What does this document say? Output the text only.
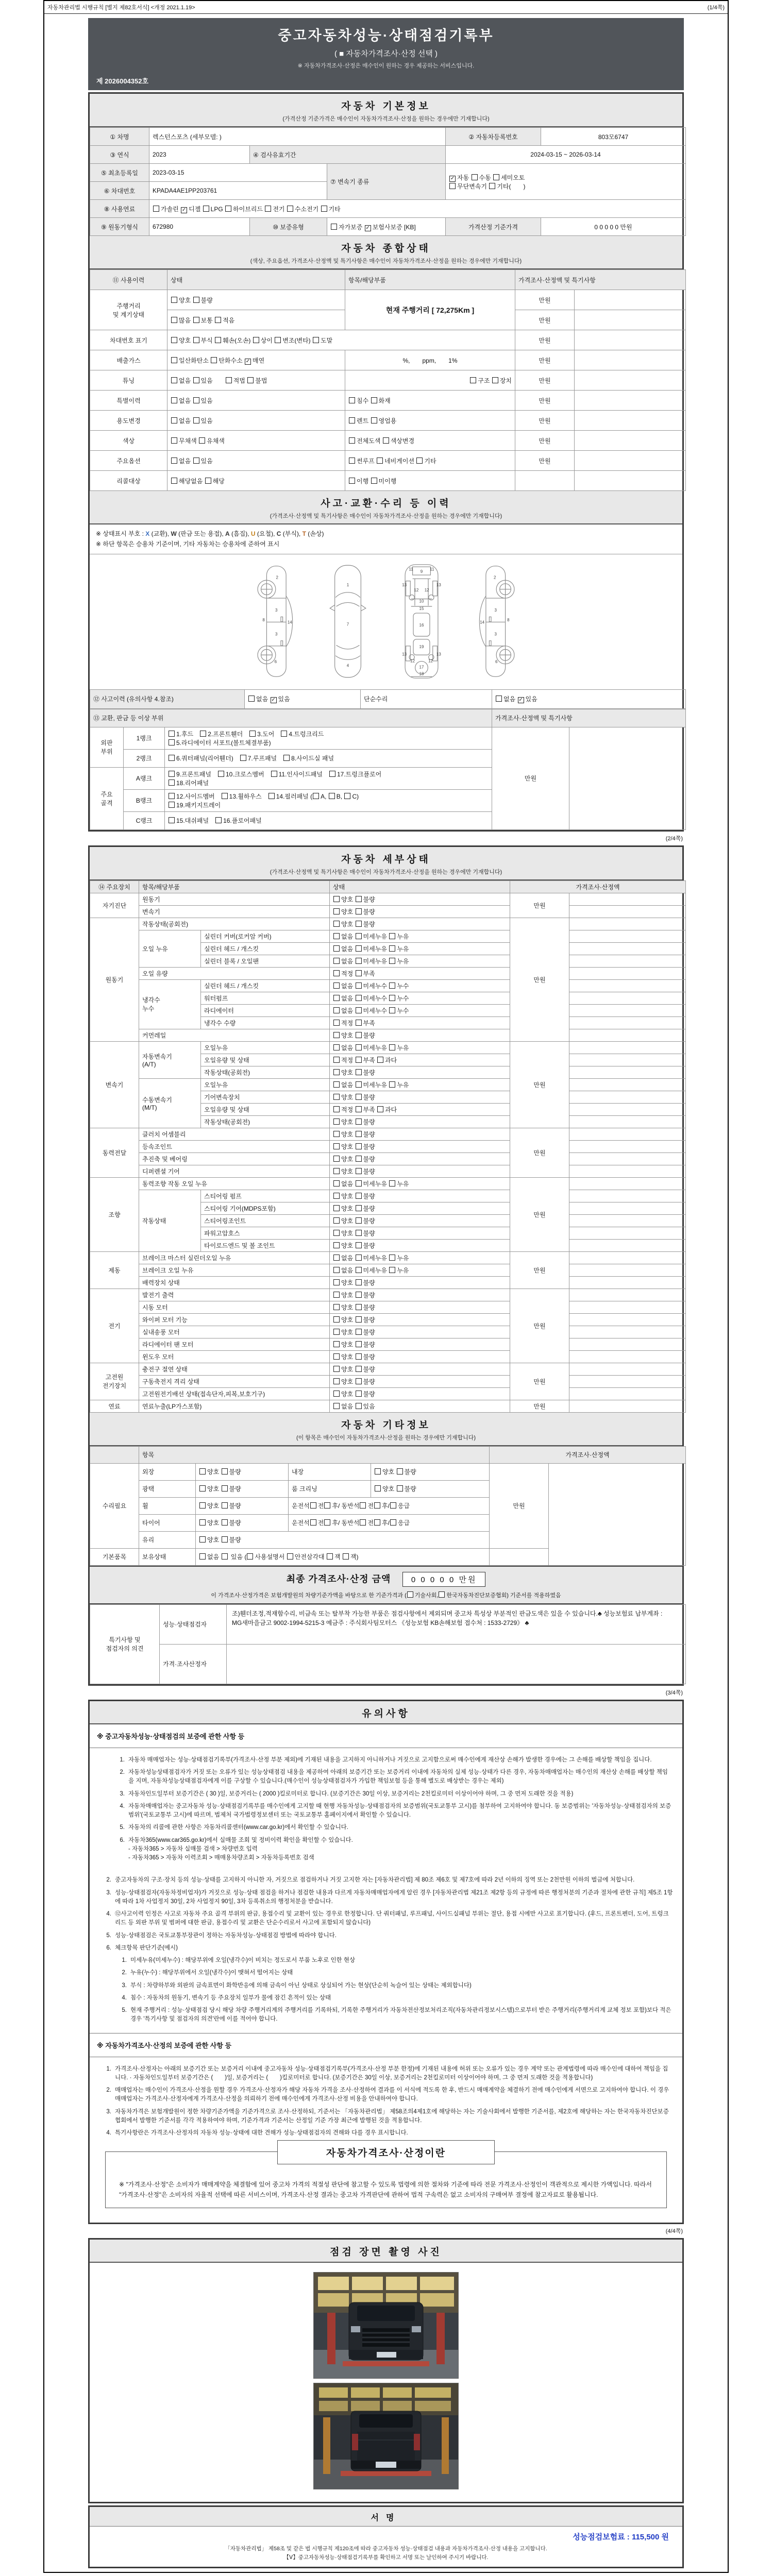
자동차관리법 시행규칙 [별지 제82호서식] <개정 2021.1.19>	(1/4쪽)
중고자동차성능·상태점검기록부
( ■ 자동차가격조사·산정 선택 )
※ 자동차가격조사·산정은 매수인이 원하는 경우 제공하는 서비스입니다.
제 2026004352호
자동차 기본정보
(가격산정 기준가격은 매수인이 자동차가격조사·산정을 원하는 경우에만 기재합니다)
① 차명	렉스턴스포츠 (세부모델: )			② 자동차등록번호	803모6747
③ 연식	2023	④ 검사유효기간		2024-03-15 ~ 2026-03-14	
⑤ 최초등록일	2023-03-15		⑦ 변속기 종류	✓ 자동 수동 세미오토
무단변속기 기타(　　)	
⑥ 차대번호	KPADA4AE1PP203761				
⑧ 사용연료	가솔린 ✓ 디젤 LPG 하이브리드 전기 수소전기 기타				
⑨ 원동기형식	672980	⑩ 보증유형	자가보증 ✓ 보험사보증 [KB]	가격산정 기준가격	0 0 0 0 0 만원
자동차 종합상태
(색상, 주요옵션, 가격조사·산정액 및 특기사항은 매수인이 자동차가격조사·산정을 원하는 경우에만 기재합니다)
⑪ 사용이력	상태	항목/해당부품	가격조사·산정액 및 특기사항	
주행거리
및 계기상태	양호 불량	현재 주행거리 [ 72,275Km ]	만원	
	많음 보통 적음		만원	
차대번호 표기	양호 부식 훼손(오손) 상이 변조(변타) 도말		만원	
배출가스	일산화탄소 탄화수소 ✓ 매연	%,　　ppm,　　1%	만원	
튜닝	없음 있음　　적법 불법	구조 장치	만원	
특별이력	없음 있음	침수 화재	만원	
용도변경	없음 있음	렌트 영업용	만원	
색상	무채색 유채색	전체도색 색상변경	만원	
주요옵션	없음 있음	썬루프 네비게이션 기타	만원	
리콜대상	해당없음 해당	이행 미이행		
사고·교환·수리 등 이력
(가격조사·산정액 및 특기사항은 매수인이 자동차가격조사·산정을 원하는 경우에만 기재합니다)
※ 상태표시 부호 : X (교환), W (판금 또는 용접), A (흠집), U (요철), C (부식), T (손상)
※ 하단 항목은 승용차 기준이며, 기타 자동차는 승용차에 준하여 표시
2
8
3
14
3
6
1
7
4
11 9 11
13
12 12
13
10
15
16
13
19
13
12
17
12
18
2
8
3
14
3
6
⑫ 사고이력 (유의사항 4.참조)	없음 ✓ 있음	단순수리	없음 ✓ 있음
⑬ 교환, 판금 등 이상 부위			가격조사·산정액 및 특기사항	
외판
부위	1랭크	1.후드　2.프론트휀더　3.도어　4.트렁크리드
5.라디에이터 서포트(볼트체결부품)	만원	
	2랭크	6.쿼터패널(리어휀더)　7.루프패널　8.사이드실 패널		
주요
골격	A랭크	9.프론트패널　10.크로스멤버　11.인사이드패널　17.트렁크플로어
18.리어패널		
	B랭크	12.사이드멤버　13.휠하우스　14.필러패널 ( A, B, C)
19.패키지트레이		
	C랭크	15.대쉬패널　16.플로어패널		
(2/4쪽)
자동차 세부상태
(가격조사·산정액 및 특기사항은 매수인이 자동차가격조사·산정을 원하는 경우에만 기재합니다)
⑭ 주요장치	항목/해당부품		상태	가격조사·산정액	
자기진단	원동기		양호 불량	만원	
	변속기		양호 불량		
원동기	작동상태(공회전)		양호 불량	만원	
	오일 누유	실린더 커버(로커암 커버)	없음 미세누유 누유		
		실린더 헤드 / 개스킷	없음 미세누유 누유		
		실린더 블록 / 오일팬	없음 미세누유 누유		
	오일 유량		적정 부족		
	냉각수
누수	실린더 헤드 / 개스킷	없음 미세누수 누수		
		워터펌프	없음 미세누수 누수		
		라디에이터	없음 미세누수 누수		
		냉각수 수량	적정 부족		
	커먼레일		양호 불량		
변속기	자동변속기
(A/T)	오일누유	없음 미세누유 누유	만원	
		오일유량 및 상태	적정 부족 과다		
		작동상태(공회전)	양호 불량		
	수동변속기
(M/T)	오일누유	없음 미세누유 누유		
		기어변속장치	양호 불량		
		오일유량 및 상태	적정 부족 과다		
		작동상태(공회전)	양호 불량		
동력전달	클러치 어셈블리		양호 불량	만원	
	등속조인트		양호 불량		
	추진축 및 베어링		양호 불량		
	디퍼렌셜 기어		양호 불량		
조향	동력조향 작동 오일 누유		없음 미세누유 누유	만원	
	작동상태	스티어링 펌프	양호 불량		
		스티어링 기어(MDPS포함)	양호 불량		
		스티어링조인트	양호 불량		
		파워고압호스	양호 불량		
		타이로드엔드 및 볼 조인트	양호 불량		
제동	브레이크 마스터 실린더오일 누유		없음 미세누유 누유	만원	
	브레이크 오일 누유		없음 미세누유 누유		
	배력장치 상태		양호 불량		
전기	발전기 출력		양호 불량	만원	
	시동 모터		양호 불량		
	와이퍼 모터 기능		양호 불량		
	실내송풍 모터		양호 불량		
	라디에이터 팬 모터		양호 불량		
	윈도우 모터		양호 불량		
고전원
전기장치	충전구 절연 상태		양호 불량	만원	
	구동축전지 격리 상태		양호 불량		
	고전원전기배선 상태(접속단자,피복,보호기구)		양호 불량		
연료	연료누출(LP가스포함)		없음 있음	만원	
자동차 기타정보
(이 항목은 매수인이 자동차가격조사·산정을 원하는 경우에만 기재합니다)
	항목				가격조사·산정액	
수리필요	외장	양호 불량	내장	양호 불량	만원	
	광택	양호 불량	룸 크리닝	양호 불량		
	휠	양호 불량	운전석 전 후/ 동반석 전 후/ 응급			
	타이어	양호 불량	운전석 전 후/ 동반석 전 후/ 응급			
	유리	양호 불량				
기본품목	보유상태	없음  있음 ( 사용설명서 안전삼각대 잭 잭)				
최종 가격조사·산정 금액	0 0 0 0 0 만원
이 가격조사·산정가격은 보험개발원의 차량기준가액을 바탕으로 한 기준가격과 ( 기술사회, 한국자동차진단보증협회) 기준서를 적용하였음
특기사항 및
점검자의 의견	성능·상태점검자	조)휀더조정,적재함수리, 비금속 또는 탈부착 가능한 부품은 점검사항에서 제외되며 중고차 특성상 부분적인 판금도색은 있을 수 있습니다.♣ 성능보험료 납부계좌 : MG새마을금고 9002-1994-5215-3 예금주 : 주식회사팀모터스 《성능보험 KB손해보험 접수처 : 1533-2729》 ♣
	가격·조사산정자	
(3/4쪽)
유의사항
※ 중고자동차성능·상태점검의 보증에 관한 사항 등
1. 자동차 매매업자는 성능·상태점검기록부(가격조사·산정 부분 제외)에 기재된 내용을 고지하지 아니하거나 거짓으로 고지함으로써 매수인에게 재산상 손해가 발생한 경우에는 그 손해를 배상할 책임을 집니다.
2. 자동차성능상태점검자가 거짓 또는 오류가 있는 성능상태점검 내용을 제공하여 아래의 보증기간 또는 보증거리 이내에 자동차의 실제 성능·상태가 다른 경우, 자동차매매업자는 매수인의 재산상 손해를 배상할 책임을 지며, 자동차성능상태점검자에게 이를 구상할 수 있습니다.(매수인이 성능상태점검자가 가입한 책임보험 등을 통해 별도로 배상받는 경우는 제외)
3. 자동차인도일부터 보증기간은 ( 30 )일, 보증거리는 ( 2000 )킬로미터로 합니다. (보증기간은 30일 이상, 보증거리는 2천킬로미터 이상이어야 하며, 그 중 먼저 도래한 것을 적용)
4. 자동차매매업자는 중고자동차 성능·상태점검기록부를 매수인에게 고지할 때 현행 자동차성능·상태점검자의 보증범위(국토교통부 고시)를 첨부하여 고지하여야 합니다. 동 보증범위는 '자동차성능·상태점검자의 보증범위'(국토교통부 고시)에 따르며, 법제처 국가법령정보센터 또는 국토교통부 홈페이지에서 확인할 수 있습니다.
5. 자동차의 리콜에 관한 사항은 자동차리콜센터(www.car.go.kr)에서 확인할 수 있습니다.
6. 자동차365(www.car365.go.kr)에서 실매물 조회 및 정비이력 확인을 확인할 수 있습니다.
- 자동차365 > 자동차 실매물 검색 > 차량번호 입력
- 자동차365 > 자동차 이력조회 > 매매용차량조회 > 자동차등록번호 검색
2. 중고자동차의 구조·장치 등의 성능·상태를 고지하지 아니한 자, 거짓으로 점검하거나 거짓 고지한 자는 [자동차관리법] 제 80조 제6호 및 제7호에 따라 2년 이하의 징역 또는 2천만원 이하의 벌금에 처합니다.
3. 성능·상태점검자(자동차정비업자)가 거짓으로 성능·상태 점검을 하거나 점검한 내용과 다르게 자동차매매업자에게 알린 경우 [자동차관리법 제21조 제2항 등의 규정에 따른 행정처분의 기준과 절차에 관한 규칙] 제5조 1항에 따라 1차 사업정지 30일, 2차 사업정지 90일, 3차 등록취소의 행정처분을 받습니다.
4. ⑫사고이력 인정은 사고로 자동차 주요 골격 부위의 판금, 용접수리 및 교환이 있는 경우로 한정합니다. 단 쿼터패널, 루프패널, 사이드실패널 부위는 절단, 용접 시에만 사고로 표기합니다. (후드, 프론트펜더, 도어, 트렁크리드 등 외판 부위 및 범퍼에 대한 판금, 용접수리 및 교환은 단순수리로서 사고에 포함되지 않습니다)
5. 성능·상태점검은 국토교통부장관이 정하는 자동차성능·상태점검 방법에 따라야 합니다.
6. 체크항목 판단기준(예시)
1. 미세누유(미세누수) : 해당부위에 오일(냉각수)이 비치는 정도로서 부품 노후로 인한 현상
2. 누유(누수) : 해당부위에서 오일(냉각수)이 맺혀서 떨어지는 상태
3. 부식 : 차량하부와 외판의 금속표면이 화학반응에 의해 금속이 아닌 상태로 상실되어 가는 현상(단순히 녹슬어 있는 상태는 제외합니다)
4. 침수 : 자동차의 원동기, 변속기 등 주요장치 일부가 물에 잠긴 흔적이 있는 상태
5. 현재 주행거리 : 성능·상태점검 당시 해당 차량 주행거리계의 주행거리를 기록하되, 기록한 주행거리가 자동차전산정보처리조직(자동차관리정보시스템)으로부터 받은 주행거리(주행거리계 교체 정보 포함)보다 적은 경우 '특기사항 및 점검자의 의견'란에 이를 적어야 합니다.
※ 자동차가격조사·산정의 보증에 관한 사항 등
1. 가격조사·산정자는 아래의 보증기간 또는 보증거리 이내에 중고자동차 성능·상태점검기록부(가격조사·산정 부분 한정)에 기재된 내용에 허위 또는 오류가 있는 경우 계약 또는 관계법령에 따라 매수인에 대하여 책임을 집니다. · 자동차인도일부터 보증기간은 (　　)일, 보증거리는 (　　)킬로미터로 합니다. (보증기간은 30일 이상, 보증거리는 2천킬로미터 이상이어야 하며, 그 중 먼저 도래한 것을 적용합니다)
2. 매매업자는 매수인이 가격조사·산정을 원할 경우 가격조사·산정자가 해당 자동차 가격을 조사·산정하여 결과를 이 서식에 적도록 한 후, 반드시 매매계약을 체결하기 전에 매수인에게 서면으로 고지하여야 합니다. 이 경우 매매업자는 가격조사·산정자에게 가격조사·산정을 의뢰하기 전에 매수인에게 가격조사·산정 비용을 안내하여야 합니다.
3. 자동차가격은 보험개발원이 정한 차량기준가액을 기준가격으로 조사·산정하되, 기준서는 「자동차관리법」 제58조의4제1호에 해당하는 자는 기술사회에서 발행한 기준서를, 제2호에 해당하는 자는 한국자동차진단보증협회에서 발행한 기준서를 각각 적용하여야 하며, 기준가격과 기준서는 산정일 기준 가장 최근에 발행된 것을 적용합니다.
4. 특기사항란은 가격조사·산정자의 자동차 성능·상태에 대한 견해가 성능·상태점검자의 견해와 다를 경우 표시합니다.
자동차가격조사·산정이란
※ "가격조사·산정"은 소비자가 매매계약을 체결함에 있어 중고차 가격의 적절성 판단에 참고할 수 있도록 법령에 의한 절차와 기준에 따라 전문 가격조사·산정인이 객관적으로 제시한 가액입니다. 따라서 "가격조사·산정"은 소비자의 자율적 선택에 따른 서비스이며, 가격조사·산정 결과는 중고차 가격판단에 관하여 법적 구속력은 없고 소비자의 구매여부 결정에 참고자료로 활용됩니다.
(4/4쪽)
점검 장면 촬영 사진
서명
성능점검보험료 : 115,500 원
「자동차관리법」 제58조 및 같은 법 시행규칙 제120조에 따라 중고자동차 성능·상태점검 내용과 자동차가격조사·산정 내용을 고지합니다.
【Ⅴ】중고자동차성능·상태점검기록부를 확인하고 서명 또는 날인하여 주시기 바랍니다.
